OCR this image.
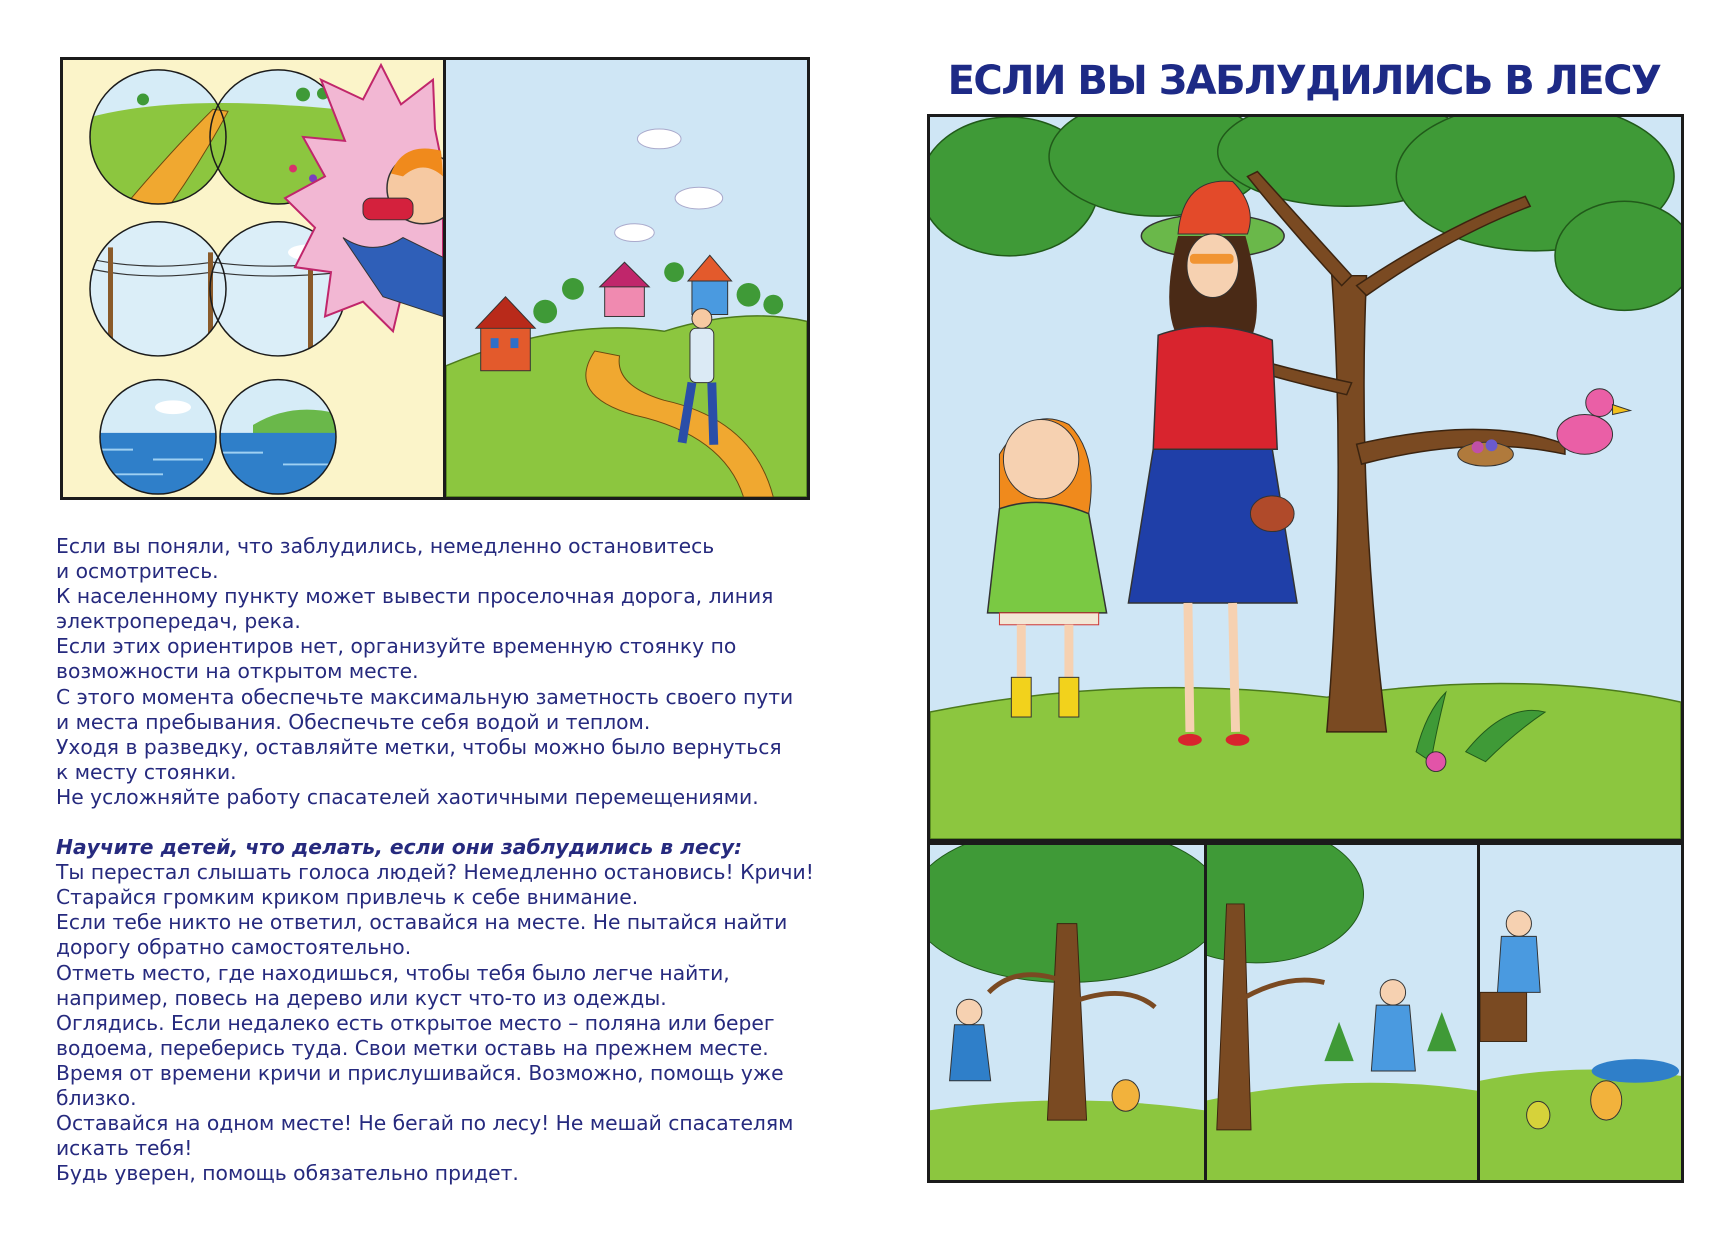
ЕСЛИ ВЫ ЗАБЛУДИЛИСЬ В ЛЕСУ
Если вы поняли, что заблудились, немедленно остановитесь
и осмотритесь.
К населенному пункту может вывести проселочная дорога, линия
электропередач, река.
Если этих ориентиров нет, организуйте временную стоянку по
возможности на открытом месте.
С этого момента обеспечьте максимальную заметность своего пути
и места пребывания. Обеспечьте себя водой и теплом.
Уходя в разведку, оставляйте метки, чтобы можно было вернуться
к месту стоянки.
Не усложняйте работу спасателей хаотичными перемещениями.
Научите детей, что делать, если они заблудились в лесу:
Ты перестал слышать голоса людей? Немедленно остановись! Кричи!
Старайся громким криком привлечь к себе внимание.
Если тебе никто не ответил, оставайся на месте. Не пытайся найти
дорогу обратно самостоятельно.
Отметь место, где находишься, чтобы тебя было легче найти,
например, повесь на дерево или куст что-то из одежды.
Оглядись. Если недалеко есть открытое место – поляна или берег
водоема, переберись туда. Свои метки оставь на прежнем месте.
Время от времени кричи и прислушивайся. Возможно, помощь уже
близко.
Оставайся на одном месте! Не бегай по лесу! Не мешай спасателям
искать тебя!
Будь уверен, помощь обязательно придет.
